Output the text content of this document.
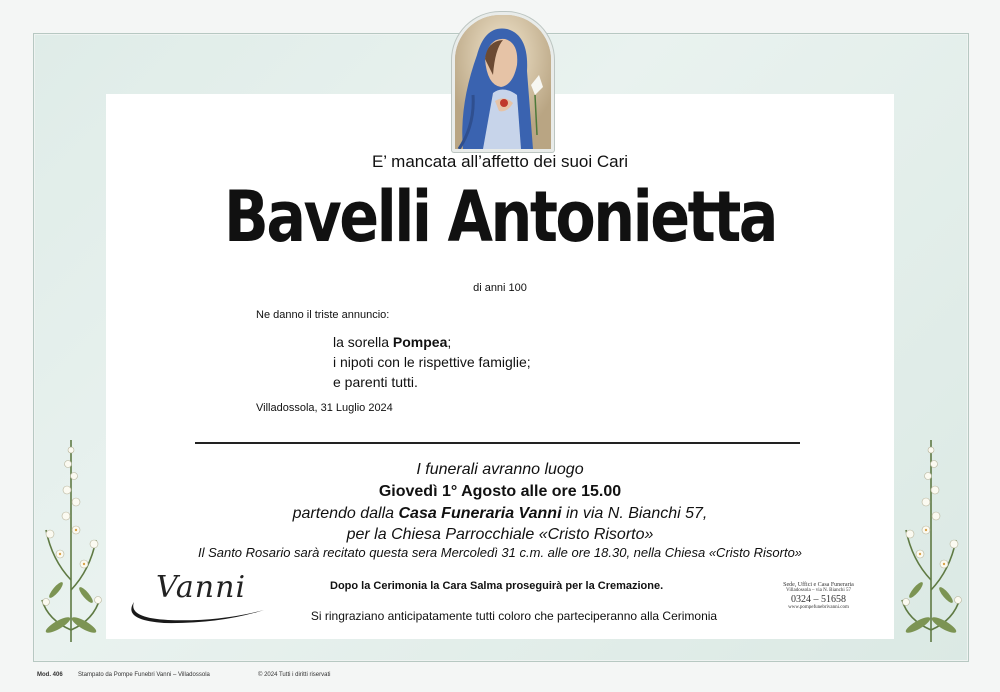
E’ mancata all’affetto dei suoi Cari
Bavelli Antonietta
di anni 100
Ne danno il triste annuncio:
la sorella Pompea;
i nipoti con le rispettive famiglie;
e parenti tutti.
Villadossola, 31 Luglio 2024
I funerali avranno luogo
Giovedì 1° Agosto alle ore 15.00
partendo dalla Casa Funeraria Vanni in via N. Bianchi 57,
per la Chiesa Parrocchiale «Cristo Risorto»
Il Santo Rosario sarà recitato questa sera Mercoledì 31 c.m. alle ore 18.30, nella Chiesa «Cristo Risorto»
Vanni	Dopo la Cerimonia la Cara Salma proseguirà per la Cremazione.
Si ringraziano anticipatamente tutti coloro che parteciperanno alla Cerimonia
Sede, Uffici e Casa Funeraria
Villadossola – via N. Bianchi 57
0324 – 51658
www.pompefunebrivanni.com
Mod. 406	Stampato da Pompe Funebri Vanni – Villadossola	© 2024 Tutti i diritti riservati
